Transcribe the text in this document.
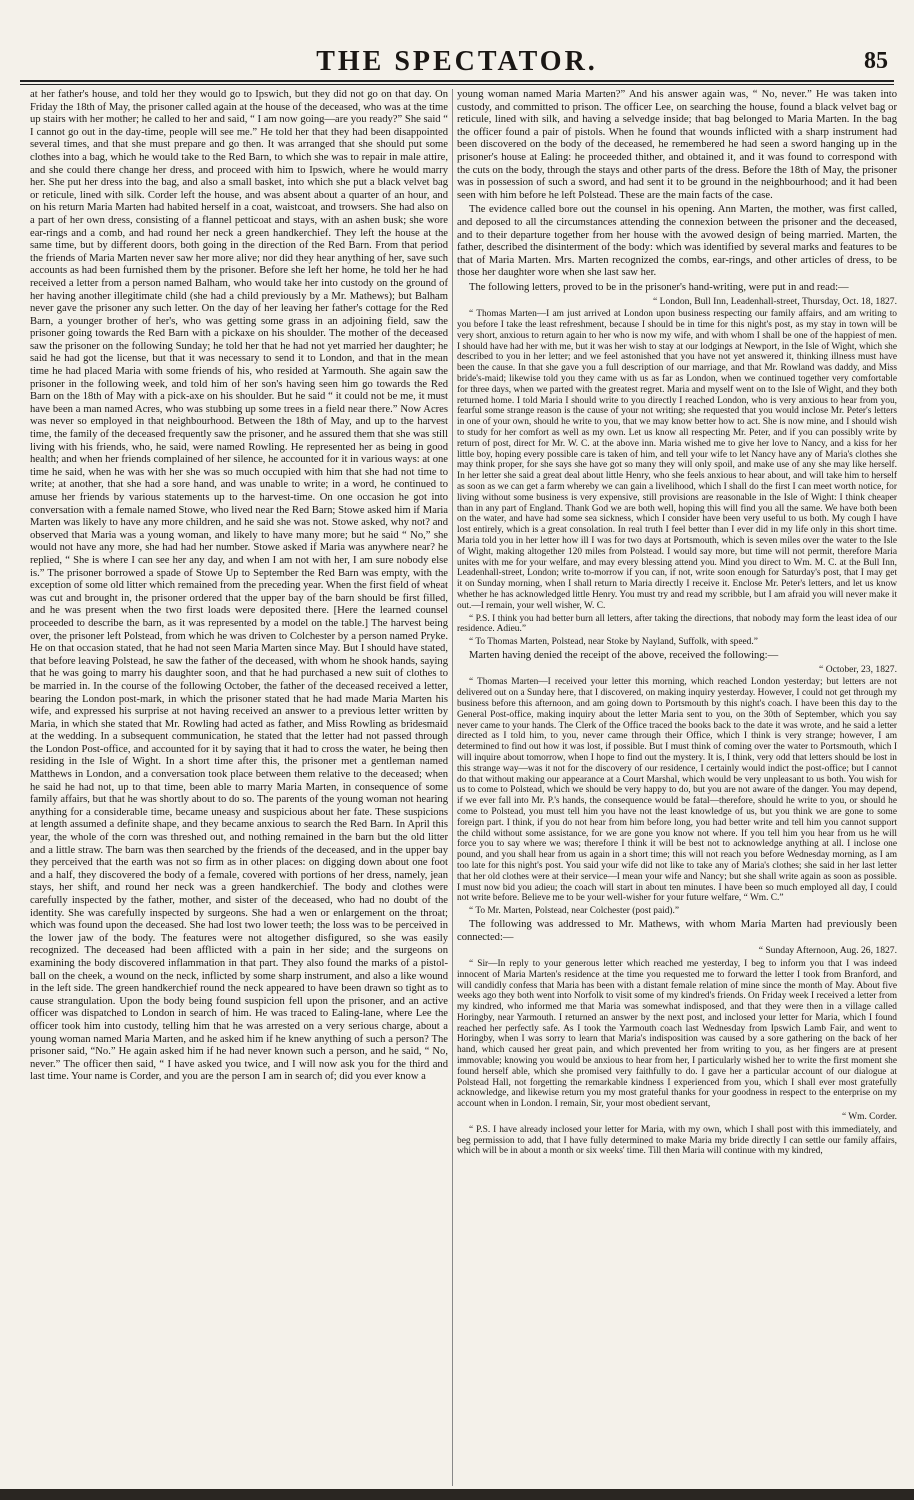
THE SPECTATOR.	85

at her father's house, and told her they would go to Ipswich, but they did not go on that day. On Friday the 18th of May, the prisoner called again at the house of the deceased, who was at the time up stairs with her mother; he called to her and said, “ I am now going—are you ready?” She said “ I cannot go out in the day-time, people will see me.” He told her that they had been disappointed several times, and that she must prepare and go then. It was arranged that she should put some clothes into a bag, which he would take to the Red Barn, to which she was to repair in male attire, and she could there change her dress, and proceed with him to Ipswich, where he would marry her. She put her dress into the bag, and also a small basket, into which she put a black velvet bag or reticule, lined with silk. Corder left the house, and was absent about a quarter of an hour, and on his return Maria Marten had habited herself in a coat, waistcoat, and trowsers. She had also on a part of her own dress, consisting of a flannel petticoat and stays, with an ashen busk; she wore ear-rings and a comb, and had round her neck a green handkerchief. They left the house at the same time, but by different doors, both going in the direction of the Red Barn. From that period the friends of Maria Marten never saw her more alive; nor did they hear anything of her, save such accounts as had been furnished them by the prisoner. Before she left her home, he told her he had received a letter from a person named Balham, who would take her into custody on the ground of her having another illegitimate child (she had a child previously by a Mr. Mathews); but Balham never gave the prisoner any such letter. On the day of her leaving her father's cottage for the Red Barn, a younger brother of her's, who was getting some grass in an adjoining field, saw the prisoner going towards the Red Barn with a pickaxe on his shoulder. The mother of the deceased saw the prisoner on the following Sunday; he told her that he had not yet married her daughter; he said he had got the license, but that it was necessary to send it to London, and that in the mean time he had placed Maria with some friends of his, who resided at Yarmouth. She again saw the prisoner in the following week, and told him of her son's having seen him go towards the Red Barn on the 18th of May with a pick-axe on his shoulder. But he said “ it could not be me, it must have been a man named Acres, who was stubbing up some trees in a field near there.” Now Acres was never so employed in that neighbourhood. Between the 18th of May, and up to the harvest time, the family of the deceased frequently saw the prisoner, and he assured them that she was still living with his friends, who, he said, were named Rowling. He represented her as being in good health; and when her friends complained of her silence, he accounted for it in various ways: at one time he said, when he was with her she was so much occupied with him that she had not time to write; at another, that she had a sore hand, and was unable to write; in a word, he continued to amuse her friends by various statements up to the harvest-time. On one occasion he got into conversation with a female named Stowe, who lived near the Red Barn; Stowe asked him if Maria Marten was likely to have any more children, and he said she was not. Stowe asked, why not? and observed that Maria was a young woman, and likely to have many more; but he said “ No,” she would not have any more, she had had her number. Stowe asked if Maria was anywhere near? he replied, “ She is where I can see her any day, and when I am not with her, I am sure nobody else is.” The prisoner borrowed a spade of Stowe Up to September the Red Barn was empty, with the exception of some old litter which remained from the preceding year. When the first field of wheat was cut and brought in, the prisoner ordered that the upper bay of the barn should be first filled, and he was present when the two first loads were deposited there. [Here the learned counsel proceeded to describe the barn, as it was represented by a model on the table.] The harvest being over, the prisoner left Polstead, from which he was driven to Colchester by a person named Pryke. He on that occasion stated, that he had not seen Maria Marten since May. But I should have stated, that before leaving Polstead, he saw the father of the deceased, with whom he shook hands, saying that he was going to marry his daughter soon, and that he had purchased a new suit of clothes to be married in. In the course of the following October, the father of the deceased received a letter, bearing the London post-mark, in which the prisoner stated that he had made Maria Marten his wife, and expressed his surprise at not having received an answer to a previous letter written by Maria, in which she stated that Mr. Rowling had acted as father, and Miss Rowling as bridesmaid at the wedding. In a subsequent communication, he stated that the letter had not passed through the London Post-office, and accounted for it by saying that it had to cross the water, he being then residing in the Isle of Wight. In a short time after this, the prisoner met a gentleman named Matthews in London, and a conversation took place between them relative to the deceased; when he said he had not, up to that time, been able to marry Maria Marten, in consequence of some family affairs, but that he was shortly about to do so. The parents of the young woman not hearing anything for a considerable time, became uneasy and suspicious about her fate. These suspicions at length assumed a definite shape, and they became anxious to search the Red Barn. In April this year, the whole of the corn was threshed out, and nothing remained in the barn but the old litter and a little straw. The barn was then searched by the friends of the deceased, and in the upper bay they perceived that the earth was not so firm as in other places: on digging down about one foot and a half, they discovered the body of a female, covered with portions of her dress, namely, jean stays, her shift, and round her neck was a green handkerchief. The body and clothes were carefully inspected by the father, mother, and sister of the deceased, who had no doubt of the identity. She was carefully inspected by surgeons. She had a wen or enlargement on the throat; which was found upon the deceased. She had lost two lower teeth; the loss was to be perceived in the lower jaw of the body. The features were not altogether disfigured, so she was easily recognized. The deceased had been afflicted with a pain in her side; and the surgeons on examining the body discovered inflammation in that part. They also found the marks of a pistol-ball on the cheek, a wound on the neck, inflicted by some sharp instrument, and also a like wound in the left side. The green handkerchief round the neck appeared to have been drawn so tight as to cause strangulation. Upon the body being found suspicion fell upon the prisoner, and an active officer was dispatched to London in search of him. He was traced to Ealing-lane, where Lee the officer took him into custody, telling him that he was arrested on a very serious charge, about a young woman named Maria Marten, and he asked him if he knew anything of such a person? The prisoner said, “No.” He again asked him if he had never known such a person, and he said, “ No, never.” The officer then said, “ I have asked you twice, and I will now ask you for the third and last time. Your name is Corder, and you are the person I am in search of; did you ever know a

young woman named Maria Marten?” And his answer again was, “ No, never.” He was taken into custody, and committed to prison. The officer Lee, on searching the house, found a black velvet bag or reticule, lined with silk, and having a selvedge inside; that bag belonged to Maria Marten. In the bag the officer found a pair of pistols. When he found that wounds inflicted with a sharp instrument had been discovered on the body of the deceased, he remembered he had seen a sword hanging up in the prisoner's house at Ealing: he proceeded thither, and obtained it, and it was found to correspond with the cuts on the body, through the stays and other parts of the dress. Before the 18th of May, the prisoner was in possession of such a sword, and had sent it to be ground in the neighbourhood; and it had been seen with him before he left Polstead. These are the main facts of the case.

The evidence called bore out the counsel in his opening. Ann Marten, the mother, was first called, and deposed to all the circumstances attending the connexion between the prisoner and the deceased, and to their departure together from her house with the avowed design of being married. Marten, the father, described the disinterment of the body: which was identified by several marks and features to be that of Maria Marten. Mrs. Marten recognized the combs, ear-rings, and other articles of dress, to be those her daughter wore when she last saw her.

The following letters, proved to be in the prisoner's hand-writing, were put in and read:—

“ London, Bull Inn, Leadenhall-street, Thursday, Oct. 18, 1827.

“ Thomas Marten—I am just arrived at London upon business respecting our family affairs, and am writing to you before I take the least refreshment, because I should be in time for this night's post, as my stay in town will be very short, anxious to return again to her who is now my wife, and with whom I shall be one of the happiest of men. I should have had her with me, but it was her wish to stay at our lodgings at Newport, in the Isle of Wight, which she described to you in her letter; and we feel astonished that you have not yet answered it, thinking illness must have been the cause. In that she gave you a full description of our marriage, and that Mr. Rowland was daddy, and Miss bride's-maid; likewise told you they came with us as far as London, when we continued together very comfortable for three days, when we parted with the greatest regret. Maria and myself went on to the Isle of Wight, and they both returned home. I told Maria I should write to you directly I reached London, who is very anxious to hear from you, fearful some strange reason is the cause of your not writing; she requested that you would inclose Mr. Peter's letters in one of your own, should he write to you, that we may know better how to act. She is now mine, and I should wish to study for her comfort as well as my own. Let us know all respecting Mr. Peter, and if you can possibly write by return of post, direct for Mr. W. C. at the above inn. Maria wished me to give her love to Nancy, and a kiss for her little boy, hoping every possible care is taken of him, and tell your wife to let Nancy have any of Maria's clothes she may think proper, for she says she have got so many they will only spoil, and make use of any she may like herself. In her letter she said a great deal about little Henry, who she feels anxious to hear about, and will take him to herself as soon as we can get a farm whereby we can gain a livelihood, which I shall do the first I can meet worth notice, for living without some business is very expensive, still provisions are reasonable in the Isle of Wight: I think cheaper than in any part of England. Thank God we are both well, hoping this will find you all the same. We have both been on the water, and have had some sea sickness, which I consider have been very useful to us both. My cough I have lost entirely, which is a great consolation. In real truth I feel better than I ever did in my life only in this short time. Maria told you in her letter how ill I was for two days at Portsmouth, which is seven miles over the water to the Isle of Wight, making altogether 120 miles from Polstead. I would say more, but time will not permit, therefore Maria unites with me for your welfare, and may every blessing attend you. Mind you direct to Wm. M. C. at the Bull Inn, Leadenhall-street, London; write to-morrow if you can, if not, write soon enough for Saturday's post, that I may get it on Sunday morning, when I shall return to Maria directly I receive it. Enclose Mr. Peter's letters, and let us know whether he has acknowledged little Henry. You must try and read my scribble, but I am afraid you will never make it out.—I remain, your well wisher, W. C.

“ P.S. I think you had better burn all letters, after taking the directions, that nobody may form the least idea of our residence. Adieu.”

“ To Thomas Marten, Polstead, near Stoke by Nayland, Suffolk, with speed.”

Marten having denied the receipt of the above, received the following:—

“ October, 23, 1827.

“ Thomas Marten—I received your letter this morning, which reached London yesterday; but letters are not delivered out on a Sunday here, that I discovered, on making inquiry yesterday. However, I could not get through my business before this afternoon, and am going down to Portsmouth by this night's coach. I have been this day to the General Post-office, making inquiry about the letter Maria sent to you, on the 30th of September, which you say never came to your hands. The Clerk of the Office traced the books back to the date it was wrote, and he said a letter directed as I told him, to you, never came through their Office, which I think is very strange; however, I am determined to find out how it was lost, if possible. But I must think of coming over the water to Portsmouth, which I will inquire about tomorrow, when I hope to find out the mystery. It is, I think, very odd that letters should be lost in this strange way—was it not for the discovery of our residence, I certainly would indict the post-office; but I cannot do that without making our appearance at a Court Marshal, which would be very unpleasant to us both. You wish for us to come to Polstead, which we should be very happy to do, but you are not aware of the danger. You may depend, if we ever fall into Mr. P.'s hands, the consequence would be fatal—therefore, should he write to you, or should he come to Polstead, you must tell him you have not the least knowledge of us, but you think we are gone to some foreign part. I think, if you do not hear from him before long, you had better write and tell him you cannot support the child without some assistance, for we are gone you know not where. If you tell him you hear from us he will force you to say where we was; therefore I think it will be best not to acknowledge anything at all. I inclose one pound, and you shall hear from us again in a short time; this will not reach you before Wednesday morning, as I am too late for this night's post. You said your wife did not like to take any of Maria's clothes; she said in her last letter that her old clothes were at their service—I mean your wife and Nancy; but she shall write again as soon as possible. I must now bid you adieu; the coach will start in about ten minutes. I have been so much employed all day, I could not write before. Believe me to be your well-wisher for your future welfare, “ Wm. C.”

“ To Mr. Marten, Polstead, near Colchester (post paid).”

The following was addressed to Mr. Mathews, with whom Maria Marten had previously been connected:—

“ Sunday Afternoon, Aug. 26, 1827.

“ Sir—In reply to your generous letter which reached me yesterday, I beg to inform you that I was indeed innocent of Maria Marten's residence at the time you requested me to forward the letter I took from Branford, and will candidly confess that Maria has been with a distant female relation of mine since the month of May. About five weeks ago they both went into Norfolk to visit some of my kindred's friends. On Friday week I received a letter from my kindred, who informed me that Maria was somewhat indisposed, and that they were then in a village called Horingby, near Yarmouth. I returned an answer by the next post, and inclosed your letter for Maria, which I found reached her perfectly safe. As I took the Yarmouth coach last Wednesday from Ipswich Lamb Fair, and went to Horingby, when I was sorry to learn that Maria's indisposition was caused by a sore gathering on the back of her hand, which caused her great pain, and which prevented her from writing to you, as her fingers are at present immovable; knowing you would be anxious to hear from her, I particularly wished her to write the first moment she found herself able, which she promised very faithfully to do. I gave her a particular account of our dialogue at Polstead Hall, not forgetting the remarkable kindness I experienced from you, which I shall ever most gratefully acknowledge, and likewise return you my most grateful thanks for your goodness in respect to the enterprise on my account when in London. I remain, Sir, your most obedient servant,

“ Wm. Corder.

“ P.S. I have already inclosed your letter for Maria, with my own, which I shall post with this immediately, and beg permission to add, that I have fully determined to make Maria my bride directly I can settle our family affairs, which will be in about a month or six weeks' time. Till then Maria will continue with my kindred,
